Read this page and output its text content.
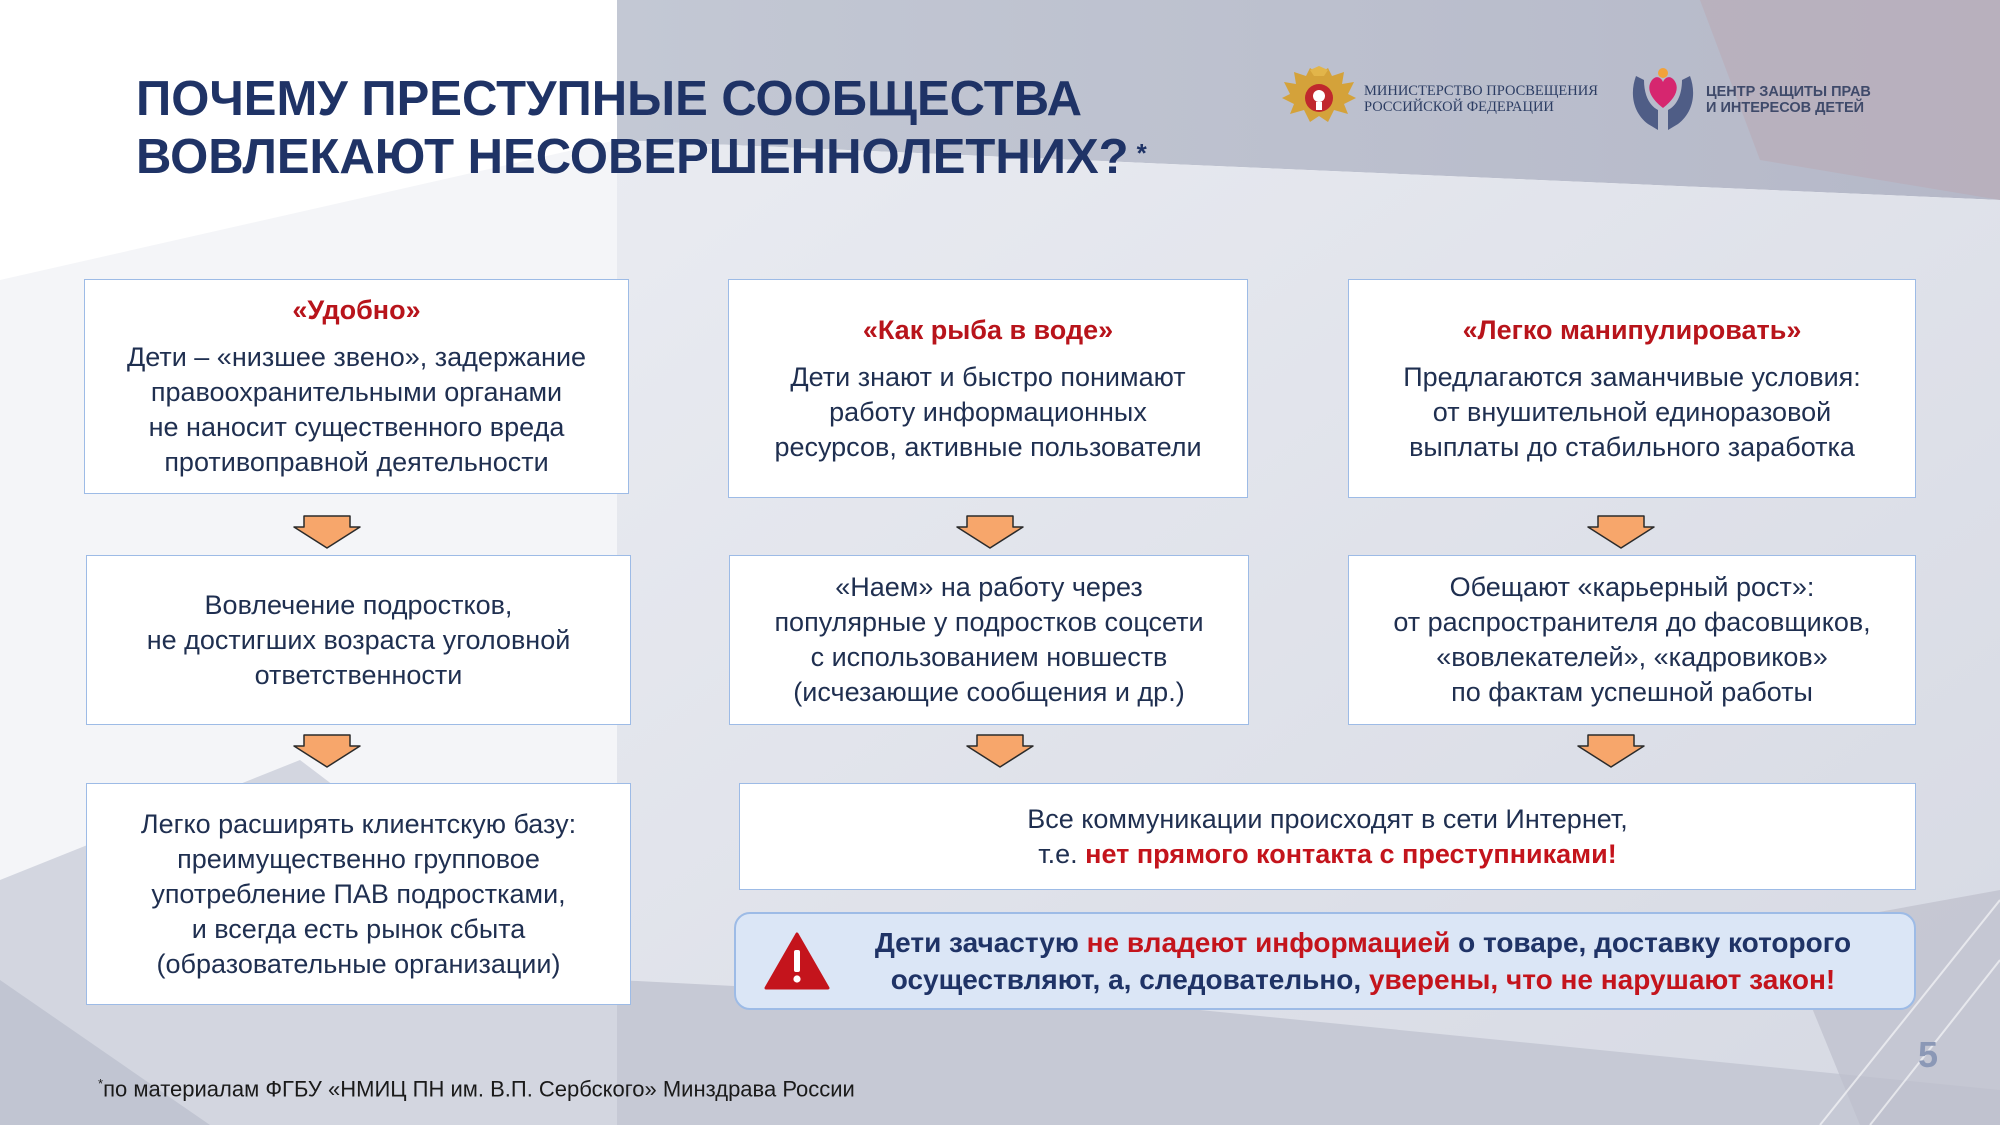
ПОЧЕМУ ПРЕСТУПНЫЕ СООБЩЕСТВА
ВОВЛЕКАЮТ НЕСОВЕРШЕННОЛЕТНИХ? *
МИНИСТЕРСТВО ПРОСВЕЩЕНИЯ
РОССИЙСКОЙ ФЕДЕРАЦИИ
ЦЕНТР ЗАЩИТЫ ПРАВ
И ИНТЕРЕСОВ ДЕТЕЙ
«Удобно»
Дети – «низшее звено», задержание
правоохранительными органами
не наносит существенного вреда
противоправной деятельности
Вовлечение подростков,
не достигших возраста уголовной
ответственности
Легко расширять клиентскую базу:
преимущественно групповое
употребление ПАВ подростками,
и всегда есть рынок сбыта
(образовательные организации)
«Как рыба в воде»
Дети знают и быстро понимают
работу информационных
ресурсов, активные пользователи
«Наем» на работу через
популярные у подростков соцсети
с использованием новшеств
(исчезающие сообщения и др.)
«Легко манипулировать»
Предлагаются заманчивые условия:
от внушительной единоразовой
выплаты до стабильного заработка
Обещают «карьерный рост»:
от распространителя до фасовщиков,
«вовлекателей», «кадровиков»
по фактам успешной работы
Все коммуникации происходят в сети Интернет,
т.е. нет прямого контакта с преступниками!
Дети зачастую не владеют информацией о товаре, доставку которого осуществляют, а, следовательно, уверены, что не нарушают закон!
*по материалам ФГБУ «НМИЦ ПН им. В.П. Сербского» Минздрава России
5
